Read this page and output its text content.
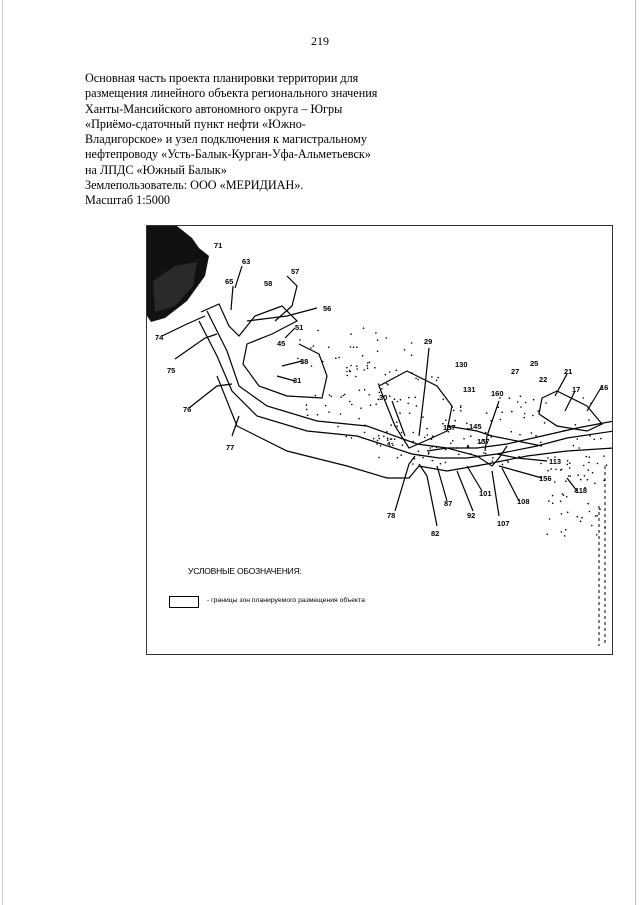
219
Основная часть проекта планировки территории для
размещения линейного объекта регионального значения
Ханты-Мансийского автономного округа – Югры
«Приёмо-сдаточный пункт нефти «Южно-
Владигорское» и узел подключения к магистральному
нефтепроводу «Усть-Балык-Курган-Уфа-Альметьевск»
на ЛПДС «Южный Балык»
Землепользователь: ООО «МЕРИДИАН».
Масштаб 1:5000
71
63
57
65	58
56
74
51
45
75
38
31
76
77
29
130
27
25
22
21
17	16
131
30	160
137 145
157
113
156
118
101
108
87
92
107
78
82
УСЛОВНЫЕ ОБОЗНАЧЕНИЯ:
- границы зон планируемого размещения объекта
